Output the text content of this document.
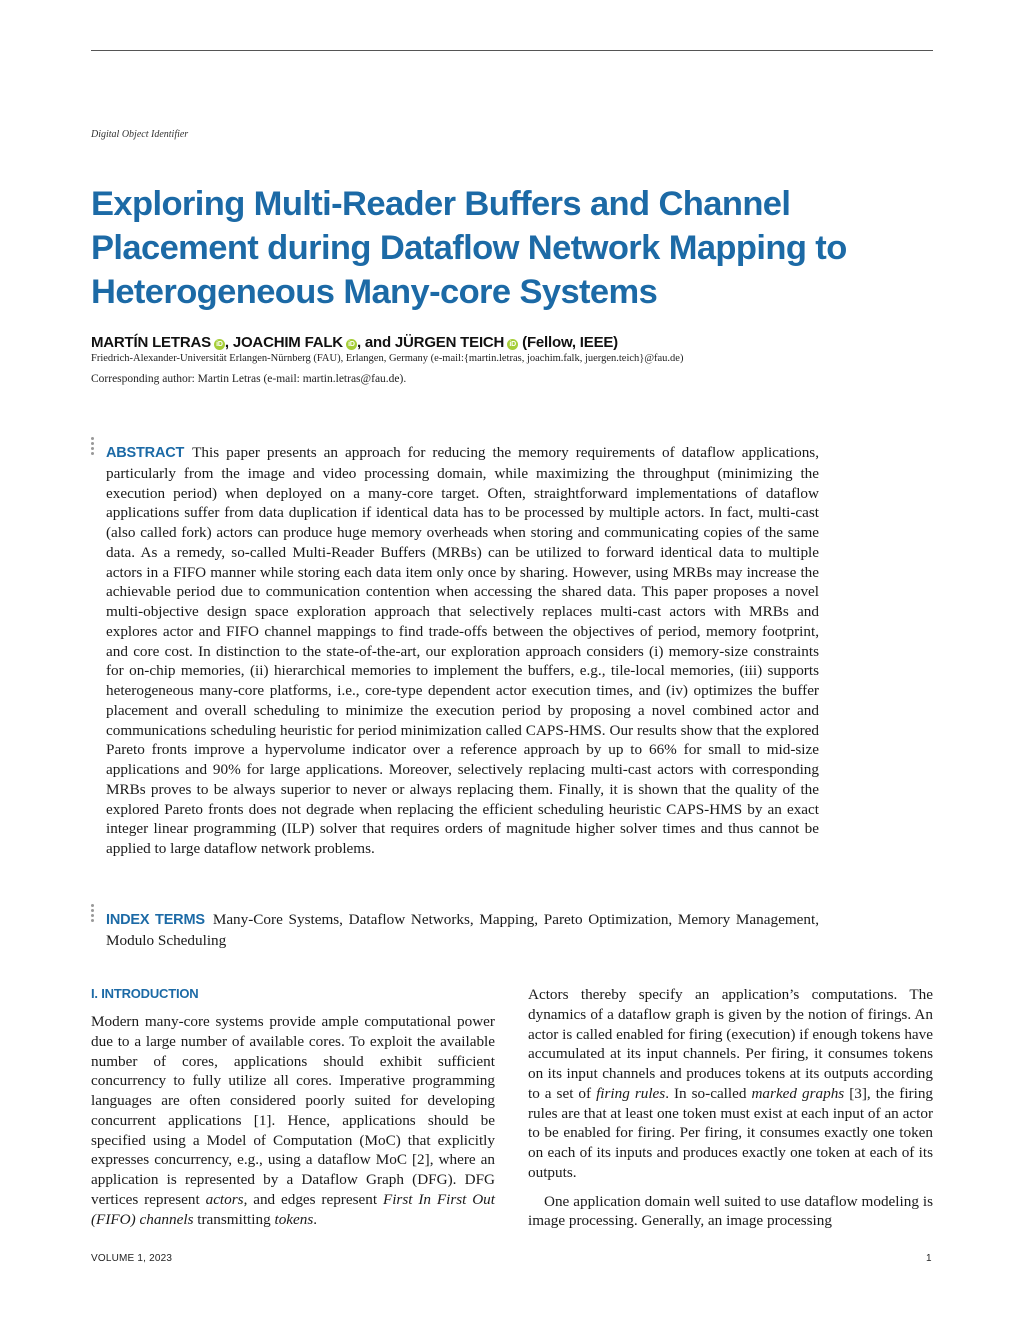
Digital Object Identifier
Exploring Multi-Reader Buffers and Channel Placement during Dataflow Network Mapping to Heterogeneous Many-core Systems
MARTÍN LETRAS iD , JOACHIM FALK iD , and JÜRGEN TEICH iD (Fellow, IEEE)
Friedrich-Alexander-Universität Erlangen-Nürnberg (FAU), Erlangen, Germany (e-mail:{martin.letras, joachim.falk, juergen.teich}@fau.de)
Corresponding author: Martin Letras (e-mail: martin.letras@fau.de).

ABSTRACT This paper presents an approach for reducing the memory requirements of dataflow applications, particularly from the image and video processing domain, while maximizing the throughput (minimizing the execution period) when deployed on a many-core target. Often, straightforward implementations of dataflow applications suffer from data duplication if identical data has to be processed by multiple actors. In fact, multi-cast (also called fork) actors can produce huge memory overheads when storing and communicating copies of the same data. As a remedy, so-called Multi-Reader Buffers (MRBs) can be utilized to forward identical data to multiple actors in a FIFO manner while storing each data item only once by sharing. However, using MRBs may increase the achievable period due to communication contention when accessing the shared data. This paper proposes a novel multi-objective design space exploration approach that selectively replaces multi-cast actors with MRBs and explores actor and FIFO channel mappings to find trade-offs between the objectives of period, memory footprint, and core cost. In distinction to the state-of-the-art, our exploration approach considers (i) memory-size constraints for on-chip memories, (ii) hierarchical memories to implement the buffers, e.g., tile-local memories, (iii) supports heterogeneous many-core platforms, i.e., core-type dependent actor execution times, and (iv) optimizes the buffer placement and overall scheduling to minimize the execution period by proposing a novel combined actor and communications scheduling heuristic for period minimization called CAPS-HMS. Our results show that the explored Pareto fronts improve a hypervolume indicator over a reference approach by up to 66% for small to mid-size applications and 90% for large applications. Moreover, selectively replacing multi-cast actors with corresponding MRBs proves to be always superior to never or always replacing them. Finally, it is shown that the quality of the explored Pareto fronts does not degrade when replacing the efficient scheduling heuristic CAPS-HMS by an exact integer linear programming (ILP) solver that requires orders of magnitude higher solver times and thus cannot be applied to large dataflow network problems.

INDEX TERMS Many-Core Systems, Dataflow Networks, Mapping, Pareto Optimization, Memory Management, Modulo Scheduling

I. INTRODUCTION

Modern many-core systems provide ample computational power due to a large number of available cores. To exploit the available number of cores, applications should exhibit sufficient concurrency to fully utilize all cores. Imperative programming languages are often considered poorly suited for developing concurrent applications [1]. Hence, applications should be specified using a Model of Computation (MoC) that explicitly expresses concurrency, e.g., using a dataflow MoC [2], where an application is represented by a Dataflow Graph (DFG). DFG vertices represent actors, and edges represent First In First Out (FIFO) channels transmitting tokens.

Actors thereby specify an application’s computations. The dynamics of a dataflow graph is given by the notion of firings. An actor is called enabled for firing (execution) if enough tokens have accumulated at its input channels. Per firing, it consumes tokens on its input channels and produces tokens at its outputs according to a set of firing rules. In so-called marked graphs [3], the firing rules are that at least one token must exist at each input of an actor to be enabled for firing. Per firing, it consumes exactly one token on each of its inputs and produces exactly one token at each of its outputs.

One application domain well suited to use dataflow modeling is image processing. Generally, an image processing

VOLUME 1, 2023	1
